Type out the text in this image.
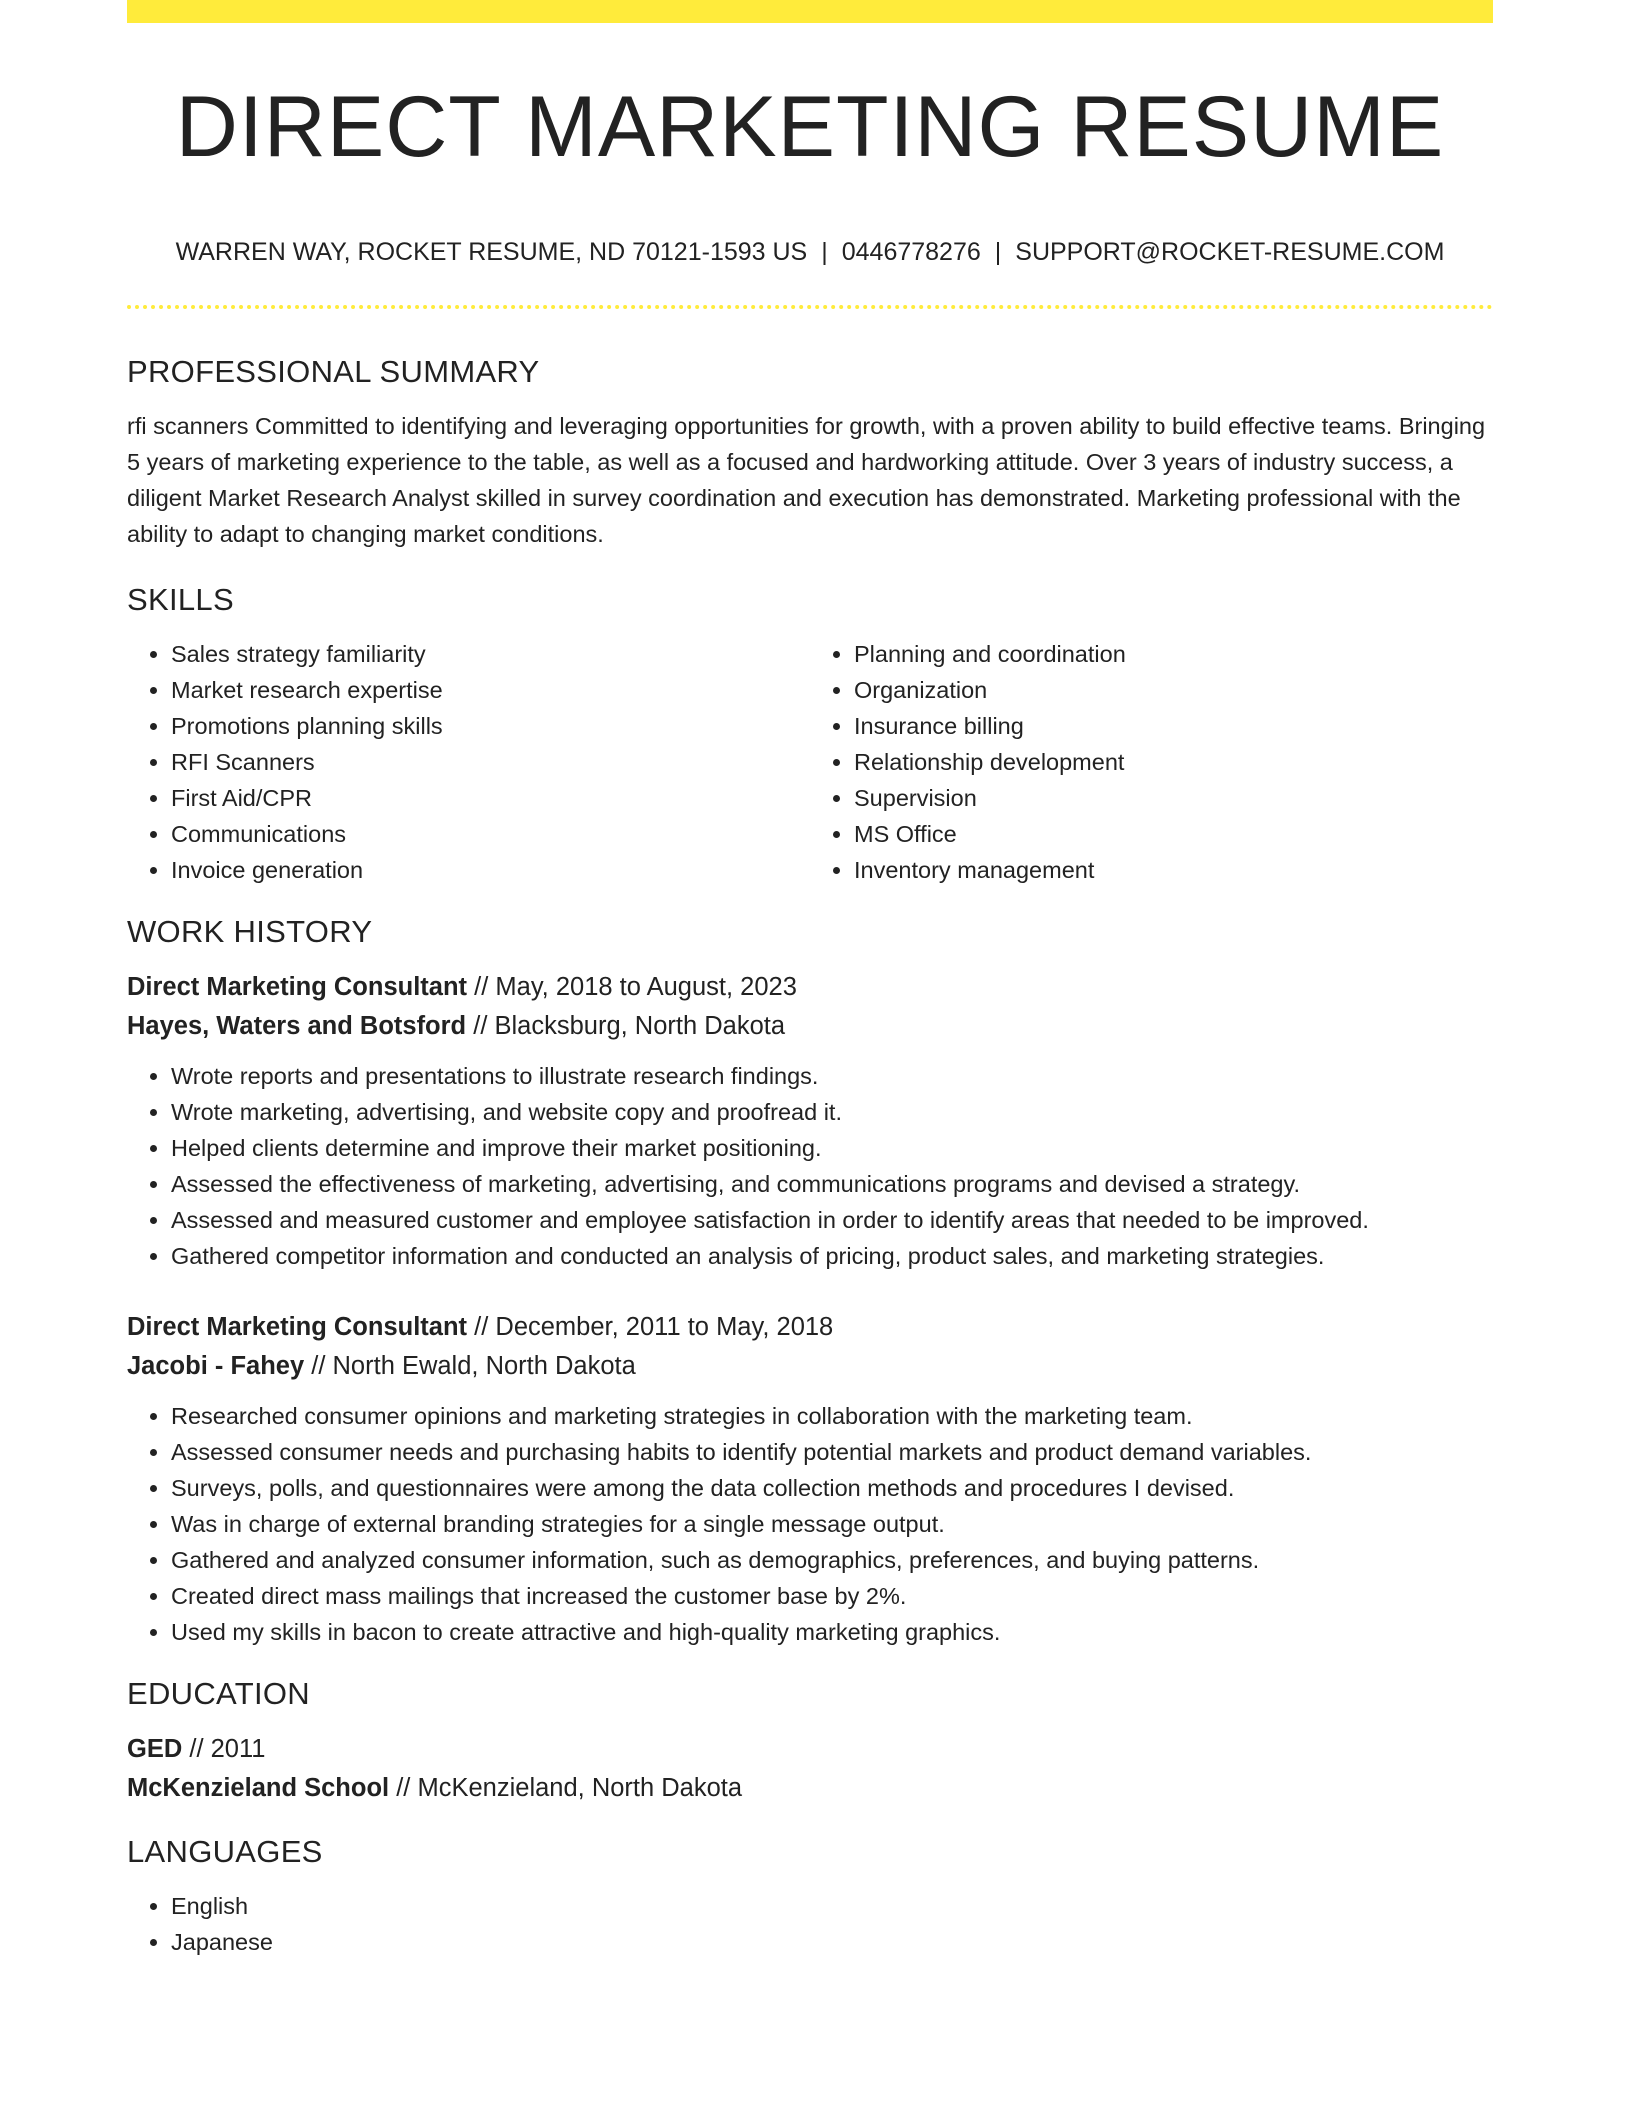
DIRECT MARKETING RESUME
WARREN WAY, ROCKET RESUME, ND 70121-1593 US | 0446778276 | SUPPORT@ROCKET-RESUME.COM
PROFESSIONAL SUMMARY

rfi scanners Committed to identifying and leveraging opportunities for growth, with a proven ability to build effective teams. Bringing 5 years of marketing experience to the table, as well as a focused and hardworking attitude. Over 3 years of industry success, a diligent Market Research Analyst skilled in survey coordination and execution has demonstrated. Marketing professional with the ability to adapt to changing market conditions.

SKILLS
• Sales strategy familiarity
• Market research expertise
• Promotions planning skills
• RFI Scanners
• First Aid/CPR
• Communications
• Invoice generation
• Planning and coordination
• Organization
• Insurance billing
• Relationship development
• Supervision
• MS Office
• Inventory management
WORK HISTORY
Direct Marketing Consultant // May, 2018 to August, 2023
Hayes, Waters and Botsford // Blacksburg, North Dakota
• Wrote reports and presentations to illustrate research findings.
• Wrote marketing, advertising, and website copy and proofread it.
• Helped clients determine and improve their market positioning.
• Assessed the effectiveness of marketing, advertising, and communications programs and devised a strategy.
• Assessed and measured customer and employee satisfaction in order to identify areas that needed to be improved.
• Gathered competitor information and conducted an analysis of pricing, product sales, and marketing strategies.
Direct Marketing Consultant // December, 2011 to May, 2018
Jacobi - Fahey // North Ewald, North Dakota
• Researched consumer opinions and marketing strategies in collaboration with the marketing team.
• Assessed consumer needs and purchasing habits to identify potential markets and product demand variables.
• Surveys, polls, and questionnaires were among the data collection methods and procedures I devised.
• Was in charge of external branding strategies for a single message output.
• Gathered and analyzed consumer information, such as demographics, preferences, and buying patterns.
• Created direct mass mailings that increased the customer base by 2%.
• Used my skills in bacon to create attractive and high-quality marketing graphics.
EDUCATION
GED // 2011
McKenzieland School // McKenzieland, North Dakota
LANGUAGES
• English
• Japanese
